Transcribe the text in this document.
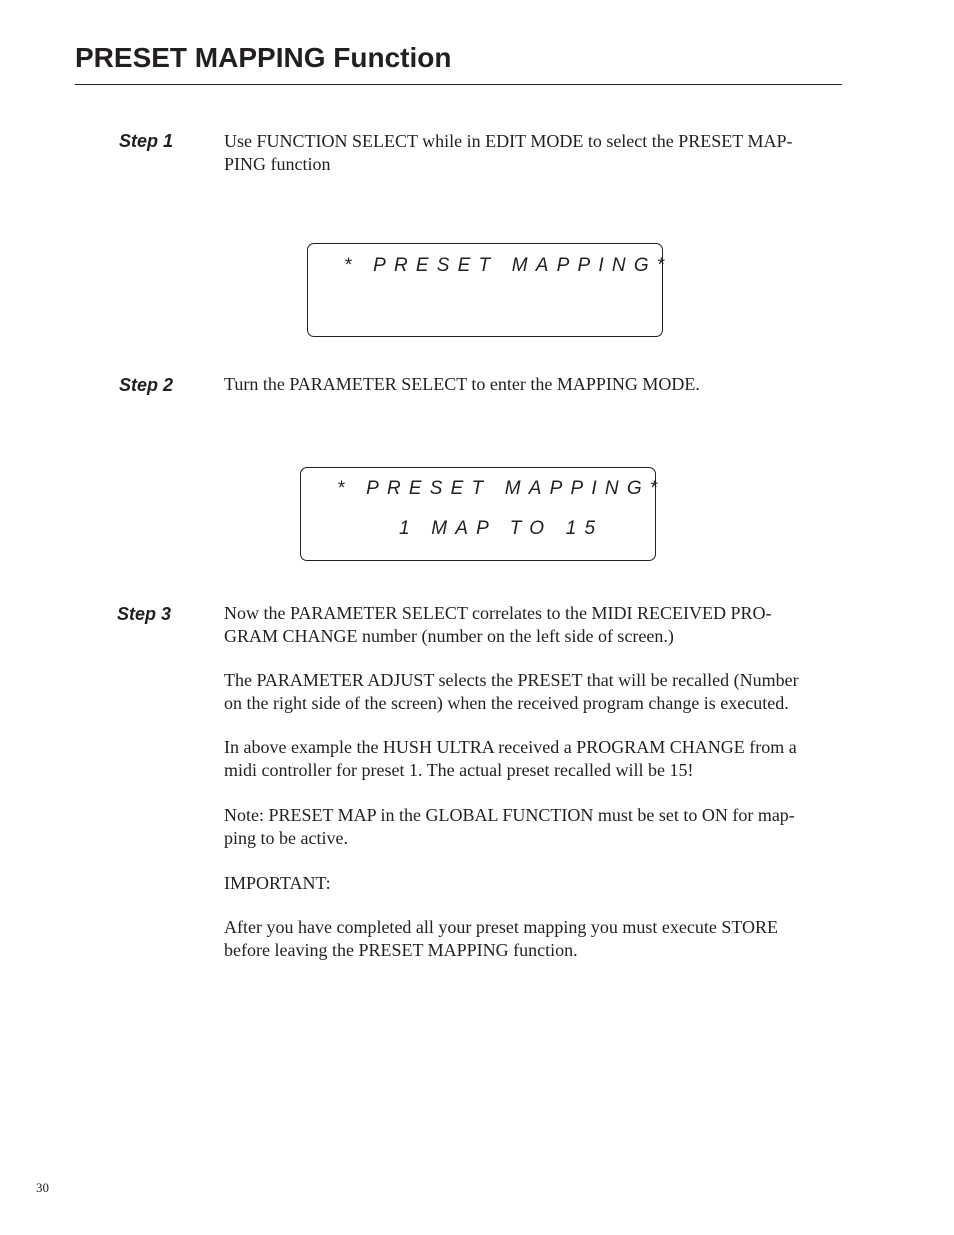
PRESET MAPPING Function
Step 1	Use FUNCTION SELECT while in EDIT MODE to select the PRESET MAP-
PING function
* PRESET MAPPING*
Step 2	Turn the PARAMETER SELECT to enter the MAPPING MODE.
* PRESET MAPPING*
1 MAP TO 15
Step 3	Now the PARAMETER SELECT correlates to the MIDI RECEIVED PRO-
GRAM CHANGE number (number on the left side of screen.)
The PARAMETER ADJUST selects the PRESET that will be recalled (Number
on the right side of the screen) when the received program change is executed.
In above example the HUSH ULTRA received a PROGRAM CHANGE from a
midi controller for preset 1. The actual preset recalled will be 15!
Note: PRESET MAP in the GLOBAL FUNCTION must be set to ON for map-
ping to be active.
IMPORTANT:
After you have completed all your preset mapping you must execute STORE
before leaving the PRESET MAPPING function.
30
